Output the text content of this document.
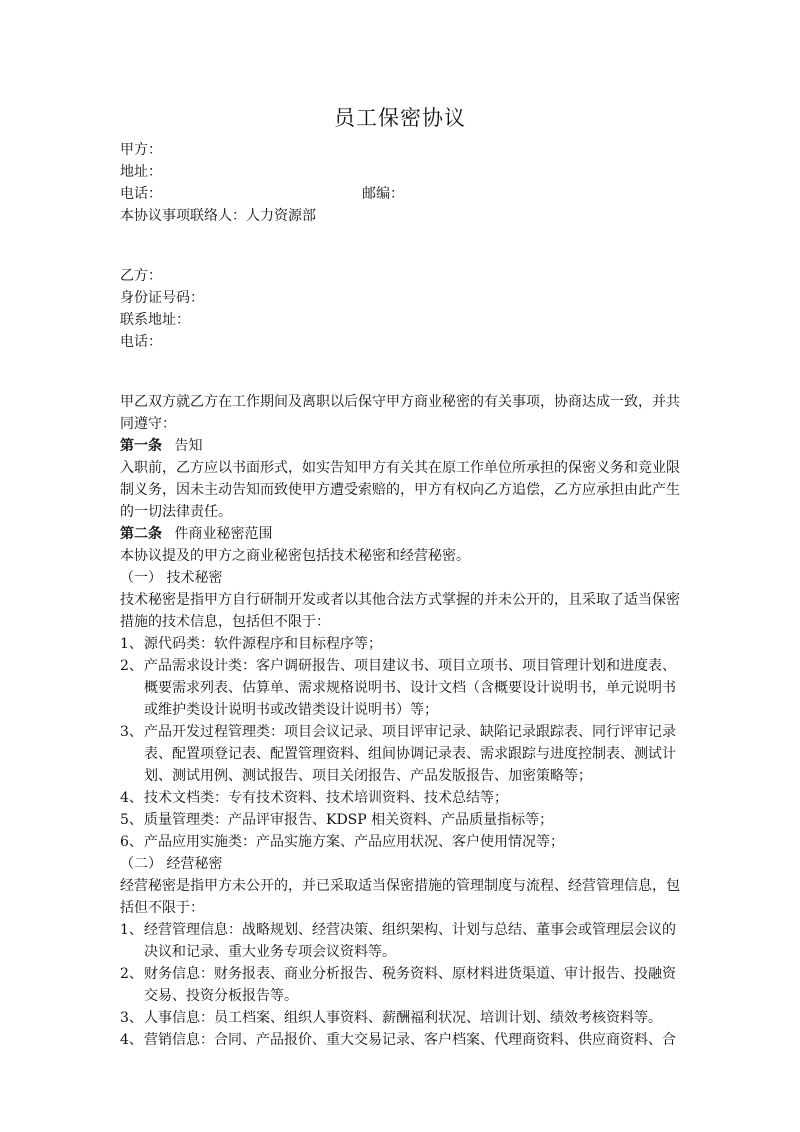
员工保密协议
甲方：
地址：
电话：	邮编：
本协议事项联络人：人力资源部
乙方：
身份证号码：
联系地址：
电话：
甲乙双方就乙方在工作期间及离职以后保守甲方商业秘密的有关事项，协商达成一致，并共
同遵守：
第一条 告知
入职前，乙方应以书面形式，如实告知甲方有关其在原工作单位所承担的保密义务和竞业限
制义务，因未主动告知而致使甲方遭受索赔的，甲方有权向乙方追偿，乙方应承担由此产生
的一切法律责任。
第二条 件商业秘密范围
本协议提及的甲方之商业秘密包括技术秘密和经营秘密。
（一） 技术秘密
技术秘密是指甲方自行研制开发或者以其他合法方式掌握的并未公开的，且采取了适当保密
措施的技术信息，包括但不限于：
1、源代码类：软件源程序和目标程序等；
2、产品需求设计类：客户调研报告、项目建议书、项目立项书、项目管理计划和进度表、
概要需求列表、估算单、需求规格说明书、设计文档（含概要设计说明书，单元说明书
或维护类设计说明书或改错类设计说明书）等；
3、产品开发过程管理类：项目会议记录、项目评审记录、缺陷记录跟踪表、同行评审记录
表、配置项登记表、配置管理资料、组间协调记录表、需求跟踪与进度控制表、测试计
划、测试用例、测试报告、项目关闭报告、产品发版报告、加密策略等；
4、技术文档类：专有技术资料、技术培训资料、技术总结等；
5、质量管理类：产品评审报告、KDSP 相关资料、产品质量指标等；
6、产品应用实施类：产品实施方案、产品应用状况、客户使用情况等；
（二） 经营秘密
经营秘密是指甲方未公开的，并已采取适当保密措施的管理制度与流程、经营管理信息，包
括但不限于：
1、经营管理信息：战略规划、经营决策、组织架构、计划与总结、董事会或管理层会议的
决议和记录、重大业务专项会议资料等。
2、财务信息：财务报表、商业分析报告、税务资料、原材料进货渠道、审计报告、投融资
交易、投资分板报告等。
3、人事信息：员工档案、组织人事资料、薪酬福利状况、培训计划、绩效考核资料等。
4、营销信息：合同、产品报价、重大交易记录、客户档案、代理商资料、供应商资料、合
